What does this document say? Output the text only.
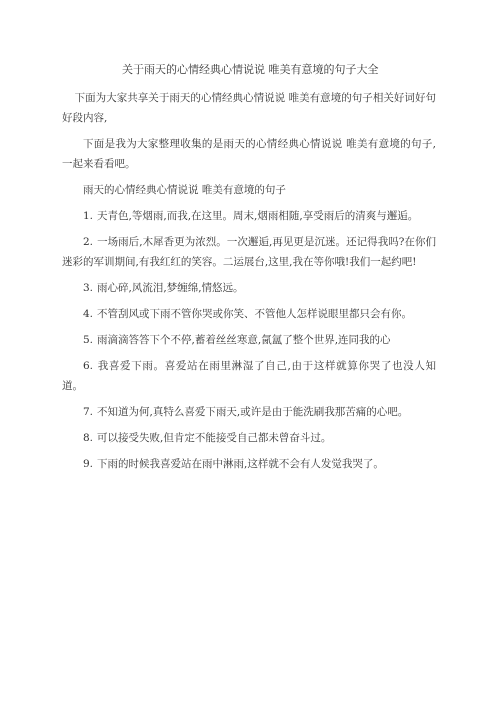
关于雨天的心情经典心情说说 唯美有意境的句子大全

下面为大家共享关于雨天的心情经典心情说说 唯美有意境的句子相关好词好句好段内容,

下面是我为大家整理收集的是雨天的心情经典心情说说 唯美有意境的句子,一起来看看吧。

雨天的心情经典心情说说 唯美有意境的句子

1. 天青色,等烟雨,而我,在这里。周末,烟雨相随,享受雨后的清爽与邂逅。

2. 一场雨后,木犀香更为浓烈。一次邂逅,再见更是沉迷。还记得我吗?在你们迷彩的军训期间,有我红红的笑容。二运展台,这里,我在等你哦!我们一起约吧!

3. 雨心碎,风流泪,梦缠绵,情悠远。

4. 不管刮风或下雨不管你哭或你笑、不管他人怎样说眼里都只会有你。

5. 雨滴滴答答下个不停,蓄着丝丝寒意,氤氲了整个世界,连同我的心

6. 我喜爱下雨。喜爱站在雨里淋湿了自己,由于这样就算你哭了也没人知道。

7. 不知道为何,真特么喜爱下雨天,或许是由于能洗刷我那苦痛的心吧。

8. 可以接受失败,但肯定不能接受自己都未曾奋斗过。

9. 下雨的时候我喜爱站在雨中淋雨,这样就不会有人发觉我哭了。
